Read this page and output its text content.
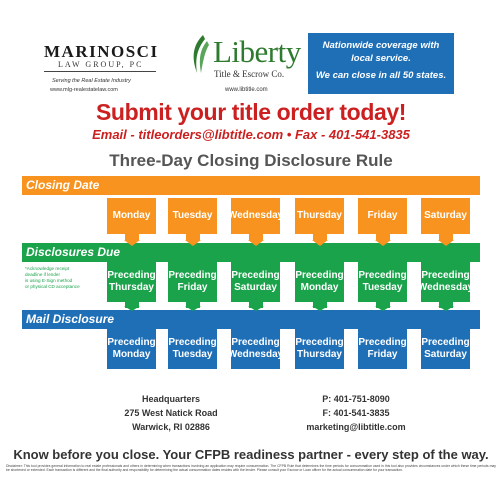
MARINOSCI
LAW GROUP, PC
Serving the Real Estate Industry
www.mlg-realestatelaw.com
Liberty
Title & Escrow Co.
www.libtitle.com
Nationwide coverage with
local service.
We can close in all 50 states.
Submit your title order today!
Email - titleorders@libtitle.com • Fax - 401-541-3835
Three-Day Closing Disclosure Rule
Closing Date
Disclosures Due
Mail Disclosure
*Acknowledge receipt
deadline if lender
is using E-Sign method
or physical CD acceptance
Monday Tuesday Wednesday Thursday	Friday	Saturday
Preceding
Thursday
Preceding
Friday
Preceding
Saturday
Preceding
Monday
Preceding
Tuesday
Preceding
Wednesday
Preceding
Monday
Preceding
Tuesday
Preceding
Wednesday
Preceding
Thursday
Preceding
Friday
Preceding
Saturday
Headquarters
275 West Natick Road
Warwick, RI 02886
P: 401-751-8090
F: 401-541-3835
marketing@libtitle.com
Know before you close. Your CFPB readiness partner - every step of the way.
Disclaimer: This tool provides general information to real estate professionals and others in determining when transactions involving an application may require consummation. The CFPB Rule that determines the time periods for consummation used in this tool also provides circumstances under which these time periods may be shortened or extended. Each transaction is different and the final authority and responsibility for determining the actual consummation dates resides with the lender. Please consult your Escrow or Loan officer for the actual consummation date for your transaction.
